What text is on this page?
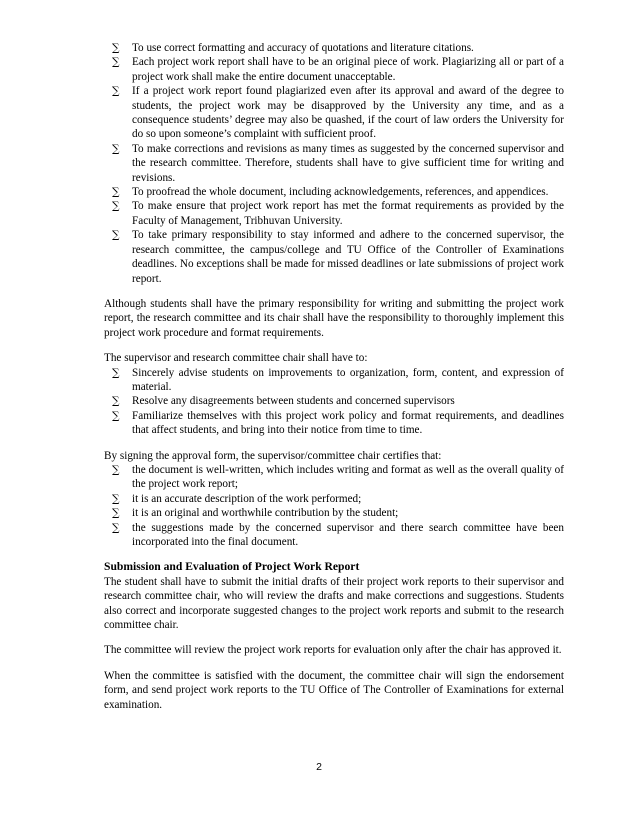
∑ To use correct formatting and accuracy of quotations and literature citations.
∑ Each project work report shall have to be an original piece of work. Plagiarizing all or part of a project work shall make the entire document unacceptable.
∑ If a project work report found plagiarized even after its approval and award of the degree to students, the project work may be disapproved by the University any time, and as a consequence students’ degree may also be quashed, if the court of law orders the University for do so upon someone’s complaint with sufficient proof.
∑ To make corrections and revisions as many times as suggested by the concerned supervisor and the research committee. Therefore, students shall have to give sufficient time for writing and revisions.
∑ To proofread the whole document, including acknowledgements, references, and appendices.
∑ To make ensure that project work report has met the format requirements as provided by the Faculty of Management, Tribhuvan University.
∑ To take primary responsibility to stay informed and adhere to the concerned supervisor, the research committee, the campus/college and TU Office of the Controller of Examinations deadlines. No exceptions shall be made for missed deadlines or late submissions of project work report.

Although students shall have the primary responsibility for writing and submitting the project work report, the research committee and its chair shall have the responsibility to thoroughly implement this project work procedure and format requirements.

The supervisor and research committee chair shall have to:

∑ Sincerely advise students on improvements to organization, form, content, and expression of material.
∑ Resolve any disagreements between students and concerned supervisors
∑ Familiarize themselves with this project work policy and format requirements, and deadlines that affect students, and bring into their notice from time to time.

By signing the approval form, the supervisor/committee chair certifies that:

∑ the document is well-written, which includes writing and format as well as the overall quality of the project work report;
∑ it is an accurate description of the work performed;
∑ it is an original and worthwhile contribution by the student;
∑ the suggestions made by the concerned supervisor and there search committee have been incorporated into the final document.
Submission and Evaluation of Project Work Report

The student shall have to submit the initial drafts of their project work reports to their supervisor and research committee chair, who will review the drafts and make corrections and suggestions. Students also correct and incorporate suggested changes to the project work reports and submit to the research committee chair.

The committee will review the project work reports for evaluation only after the chair has approved it.

When the committee is satisfied with the document, the committee chair will sign the endorsement form, and send project work reports to the TU Office of The Controller of Examinations for external examination.

2
